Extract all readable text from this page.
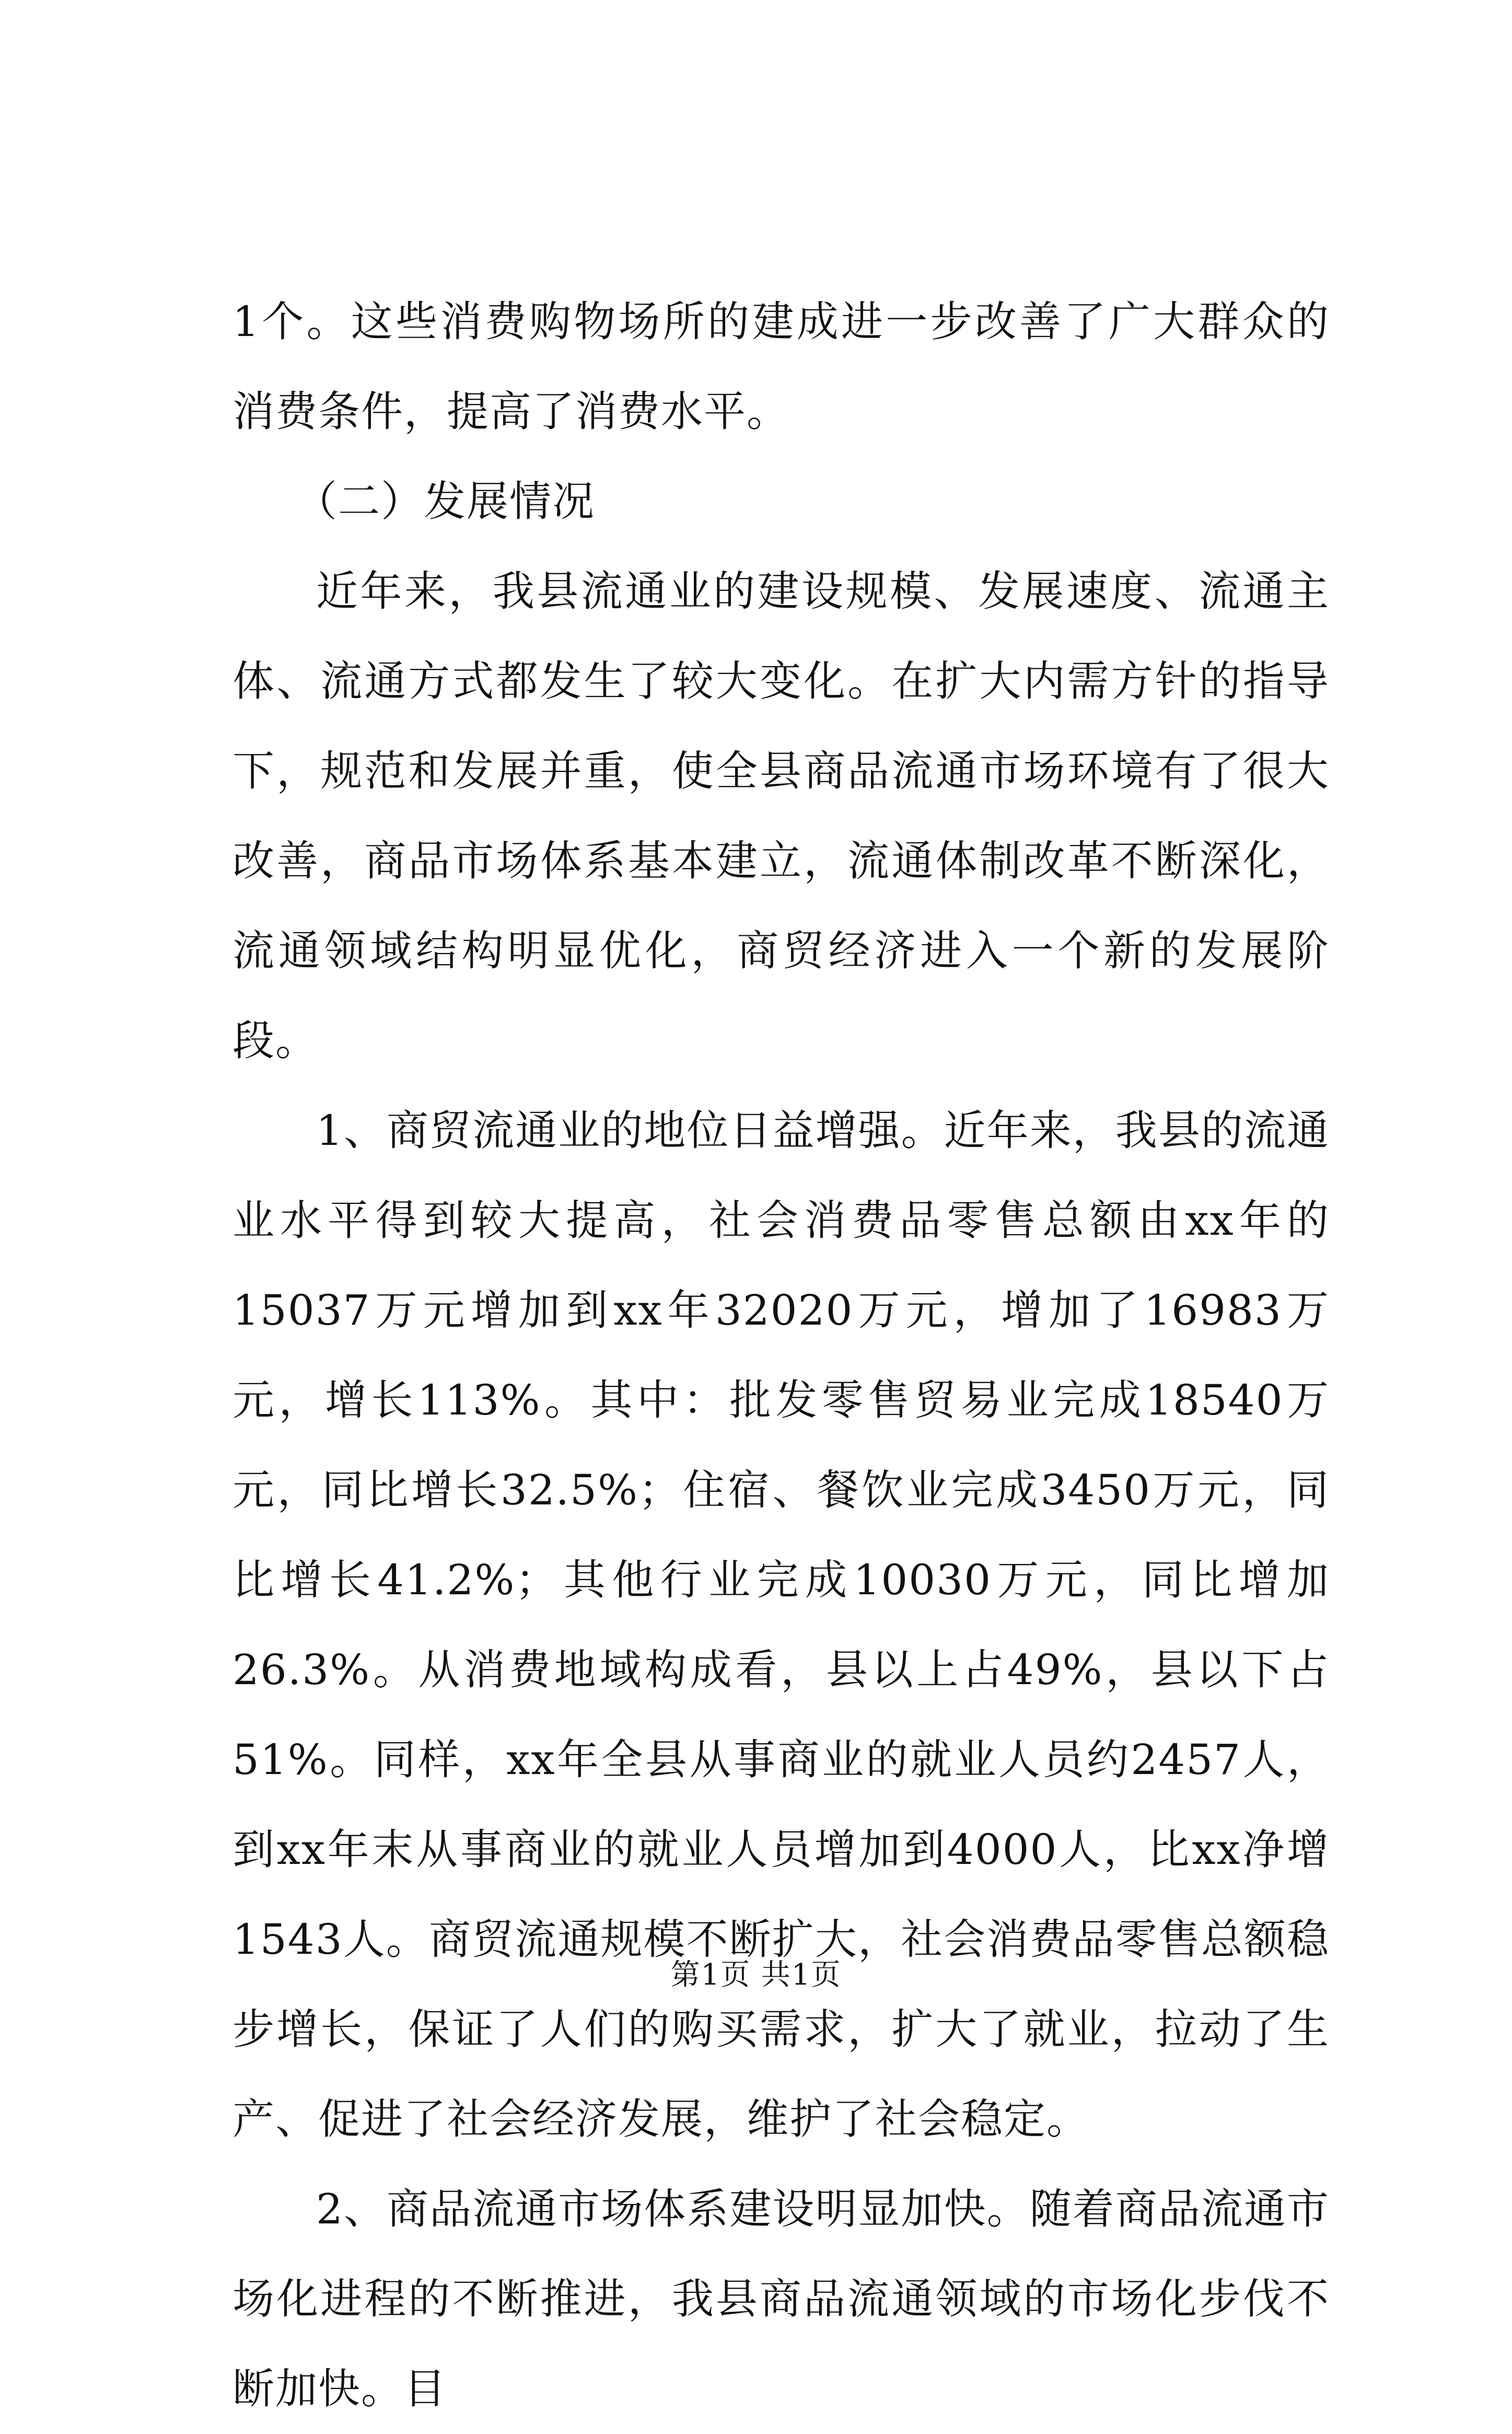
1个。这些消费购物场所的建成进一步改善了广大群众的消费条件，提高了消费水平。

（二）发展情况

近年来，我县流通业的建设规模、发展速度、流通主体、流通方式都发生了较大变化。在扩大内需方针的指导下，规范和发展并重，使全县商品流通市场环境有了很大改善，商品市场体系基本建立，流通体制改革不断深化，流通领域结构明显优化，商贸经济进入一个新的发展阶段。

1、商贸流通业的地位日益增强。近年来，我县的流通业水平得到较大提高，社会消费品零售总额由xx年的15037万元增加到xx年32020万元，增加了16983万元，增长113%。其中：批发零售贸易业完成18540万元，同比增长32.5%；住宿、餐饮业完成3450万元，同比增长41.2%；其他行业完成10030万元，同比增加26.3%。从消费地域构成看，县以上占49%，县以下占51%。同样，xx年全县从事商业的就业人员约2457人，到xx年末从事商业的就业人员增加到4000人，比xx净增1543人。商贸流通规模不断扩大，社会消费品零售总额稳步增长，保证了人们的购买需求，扩大了就业，拉动了生产、促进了社会经济发展，维护了社会稳定。

2、商品流通市场体系建设明显加快。随着商品流通市场化进程的不断推进，我县商品流通领域的市场化步伐不断加快。目

第1页 共1页
